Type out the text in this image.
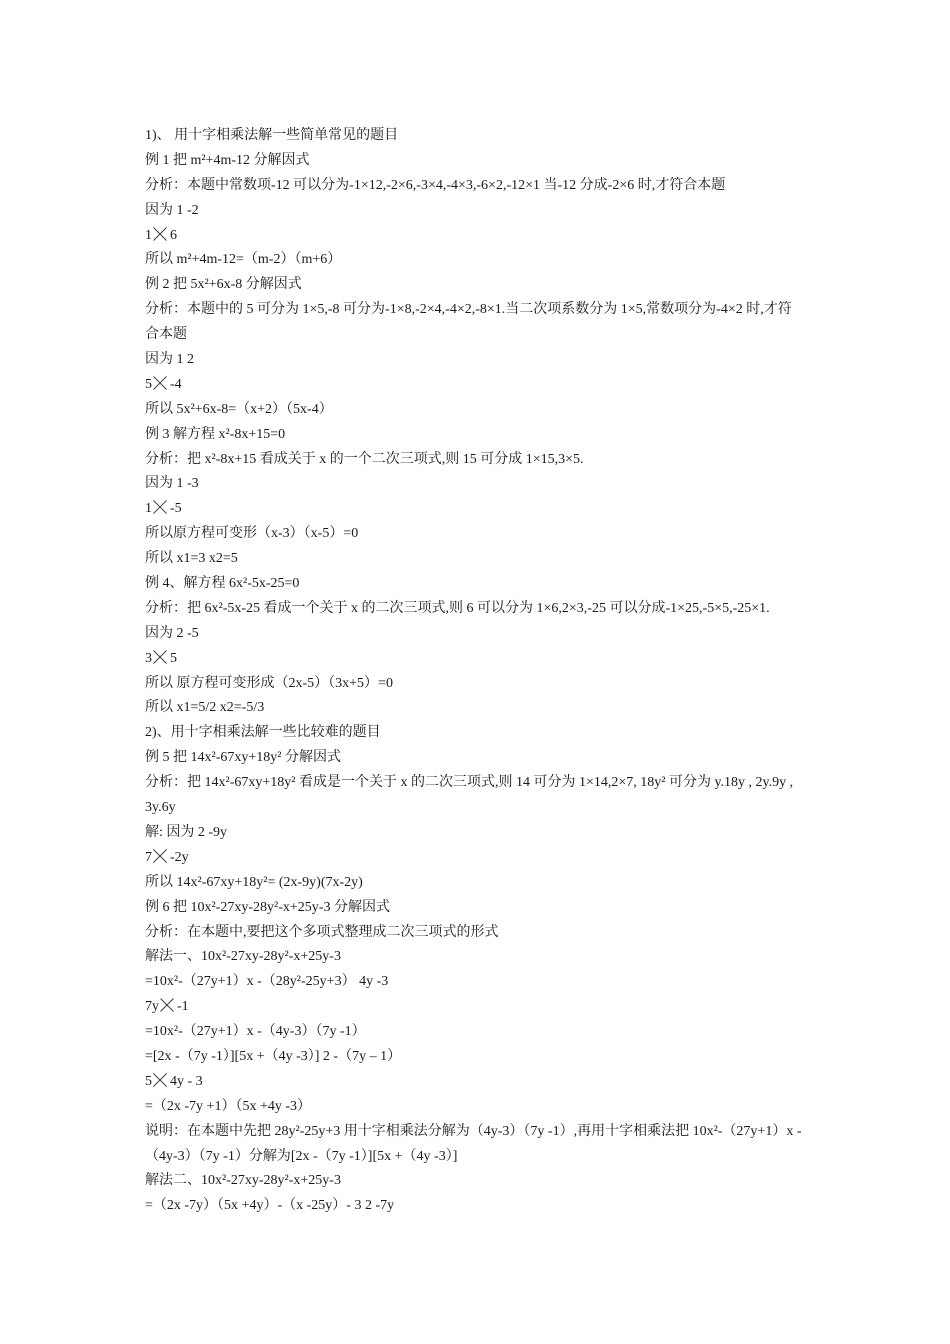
1)、 用十字相乘法解一些简单常见的题目
例 1 把 m²+4m-12 分解因式
分析：本题中常数项-12 可以分为-1×12,-2×6,-3×4,-4×3,-6×2,-12×1 当-12 分成-2×6 时,才符合本题
因为 1 -2
1 6
所以 m²+4m-12=（m-2）（m+6）
例 2 把 5x²+6x-8 分解因式
分析：本题中的 5 可分为 1×5,-8 可分为-1×8,-2×4,-4×2,-8×1.当二次项系数分为 1×5,常数项分为-4×2 时,才符
合本题
因为 1 2
5 -4
所以 5x²+6x-8=（x+2）（5x-4）
例 3 解方程 x²-8x+15=0
分析：把 x²-8x+15 看成关于 x 的一个二次三项式,则 15 可分成 1×15,3×5.
因为 1 -3
1 -5
所以原方程可变形（x-3）（x-5）=0
所以 x1=3 x2=5
例 4、解方程 6x²-5x-25=0
分析：把 6x²-5x-25 看成一个关于 x 的二次三项式,则 6 可以分为 1×6,2×3,-25 可以分成-1×25,-5×5,-25×1.
因为 2 -5
3 5
所以 原方程可变形成（2x-5）（3x+5）=0
所以 x1=5/2 x2=-5/3
2)、用十字相乘法解一些比较难的题目
例 5 把 14x²-67xy+18y² 分解因式
分析：把 14x²-67xy+18y² 看成是一个关于 x 的二次三项式,则 14 可分为 1×14,2×7, 18y² 可分为 y.18y , 2y.9y ,
3y.6y
解: 因为 2 -9y
7 -2y
所以 14x²-67xy+18y²= (2x-9y)(7x-2y)
例 6 把 10x²-27xy-28y²-x+25y-3 分解因式
分析：在本题中,要把这个多项式整理成二次三项式的形式
解法一、10x²-27xy-28y²-x+25y-3
=10x²-（27y+1）x -（28y²-25y+3） 4y -3
7y -1
=10x²-（27y+1）x -（4y-3）（7y -1）
=[2x -（7y -1）][5x +（4y -3）] 2 -（7y – 1）
5 4y - 3
=（2x -7y +1）（5x +4y -3）
说明：在本题中先把 28y²-25y+3 用十字相乘法分解为（4y-3）（7y -1）,再用十字相乘法把 10x²-（27y+1）x -
（4y-3）（7y -1）分解为[2x -（7y -1）][5x +（4y -3）]
解法二、10x²-27xy-28y²-x+25y-3
=（2x -7y）（5x +4y）-（x -25y）- 3 2 -7y
